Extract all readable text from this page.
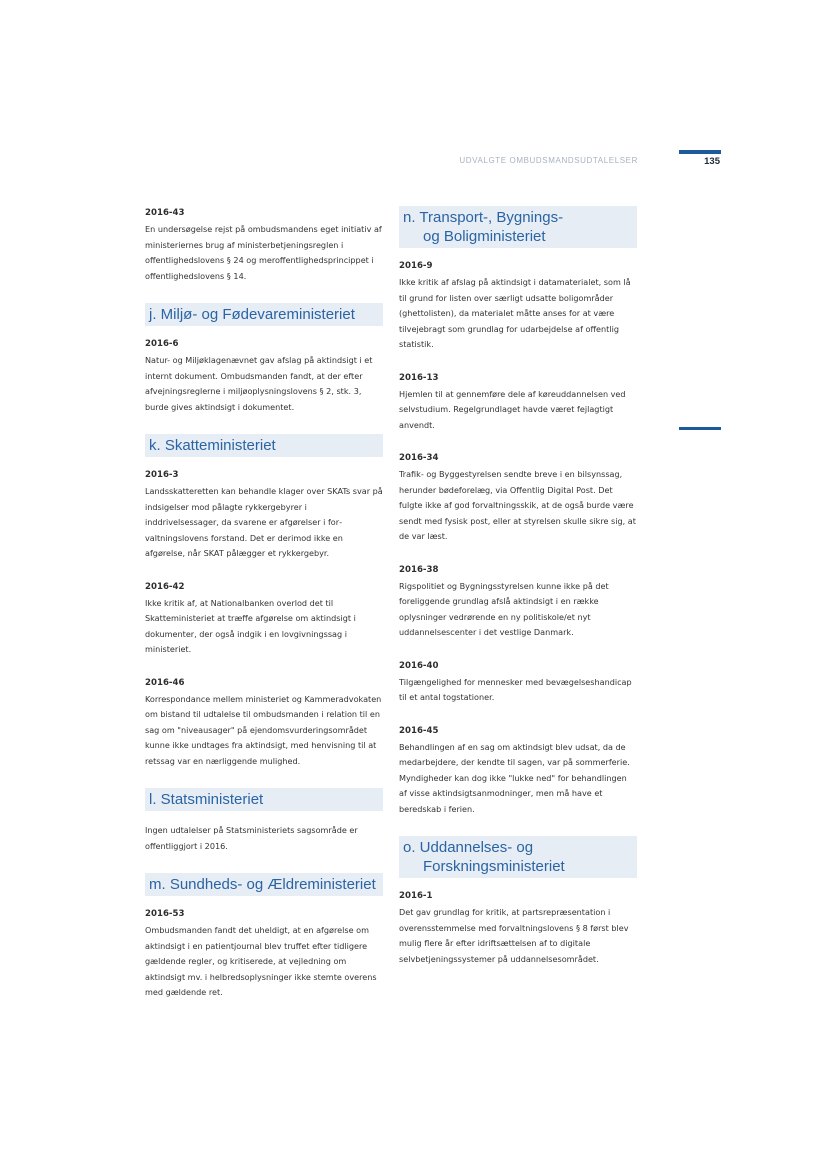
UDVALGTE OMBUDSMANDSUDTALELSER	135

2016-43

En undersøgelse rejst på ombudsmandens eget initiativ af ministeriernes brug af ministerbetjeningsreglen i offentlighedslovens § 24 og meroffentlighedsprincippet i offentlighedslovens § 14.

j. Miljø- og Fødevareministeriet

2016-6

Natur- og Miljøklagenævnet gav afslag på aktindsigt i et internt dokument. Ombudsmanden fandt, at der efter afvejningsreglerne i miljøoplysningslovens § 2, stk. 3, burde gives aktindsigt i dokumentet.

k. Skatteministeriet

2016-3

Landsskatteretten kan behandle klager over SKATs svar på indsigelser mod pålagte rykkergebyrer i inddrivelsessager, da svarene er afgørelser i forvaltningslovens forstand. Det er derimod ikke en afgørelse, når SKAT pålægger et rykkergebyr.

2016-42

Ikke kritik af, at Nationalbanken overlod det til Skatteministeriet at træffe afgørelse om aktindsigt i dokumenter, der også indgik i en lovgivningssag i ministeriet.

2016-46

Korrespondance mellem ministeriet og Kammeradvokaten om bistand til udtalelse til ombudsmanden i relation til en sag om "niveausager" på ejendomsvurderingsområdet kunne ikke undtages fra aktindsigt, med henvisning til at retssag var en nærliggende mulighed.

l. Statsministeriet

Ingen udtalelser på Statsministeriets sagsområde er offentliggjort i 2016.

m. Sundheds- og Ældreministeriet

2016-53

Ombudsmanden fandt det uheldigt, at en afgørelse om aktindsigt i en patientjournal blev truffet efter tidligere gældende regler, og kritiserede, at vejledning om aktindsigt mv. i helbredsoplysninger ikke stemte overens med gældende ret.

n. Transport-, Bygnings-
og Boligministeriet

2016-9

Ikke kritik af afslag på aktindsigt i datamaterialet, som lå til grund for listen over særligt udsatte boligområder (ghettolisten), da materialet måtte anses for at være tilvejebragt som grundlag for udarbejdelse af offentlig statistik.

2016-13

Hjemlen til at gennemføre dele af køreuddannelsen ved selvstudium. Regelgrundlaget havde været fejlagtigt anvendt.

2016-34

Trafik- og Byggestyrelsen sendte breve i en bilsynssag, herunder bødeforelæg, via Offentlig Digital Post. Det fulgte ikke af god forvaltningsskik, at de også burde være sendt med fysisk post, eller at styrelsen skulle sikre sig, at de var læst.

2016-38

Rigspolitiet og Bygningsstyrelsen kunne ikke på det foreliggende grundlag afslå aktindsigt i en række oplysninger vedrørende en ny politiskole/et nyt uddannelsescenter i det vestlige Danmark.

2016-40

Tilgængelighed for mennesker med bevægelseshandicap til et antal togstationer.

2016-45

Behandlingen af en sag om aktindsigt blev udsat, da de medarbejdere, der kendte til sagen, var på sommerferie. Myndigheder kan dog ikke "lukke ned" for behandlingen af visse aktindsigtsanmodninger, men må have et beredskab i ferien.

o. Uddannelses- og
Forskningsministeriet

2016-1

Det gav grundlag for kritik, at partsrepræsentation i overensstemmelse med forvaltningslovens § 8 først blev mulig flere år efter idriftsættelsen af to digitale selvbetjeningssystemer på uddannelsesområdet.
